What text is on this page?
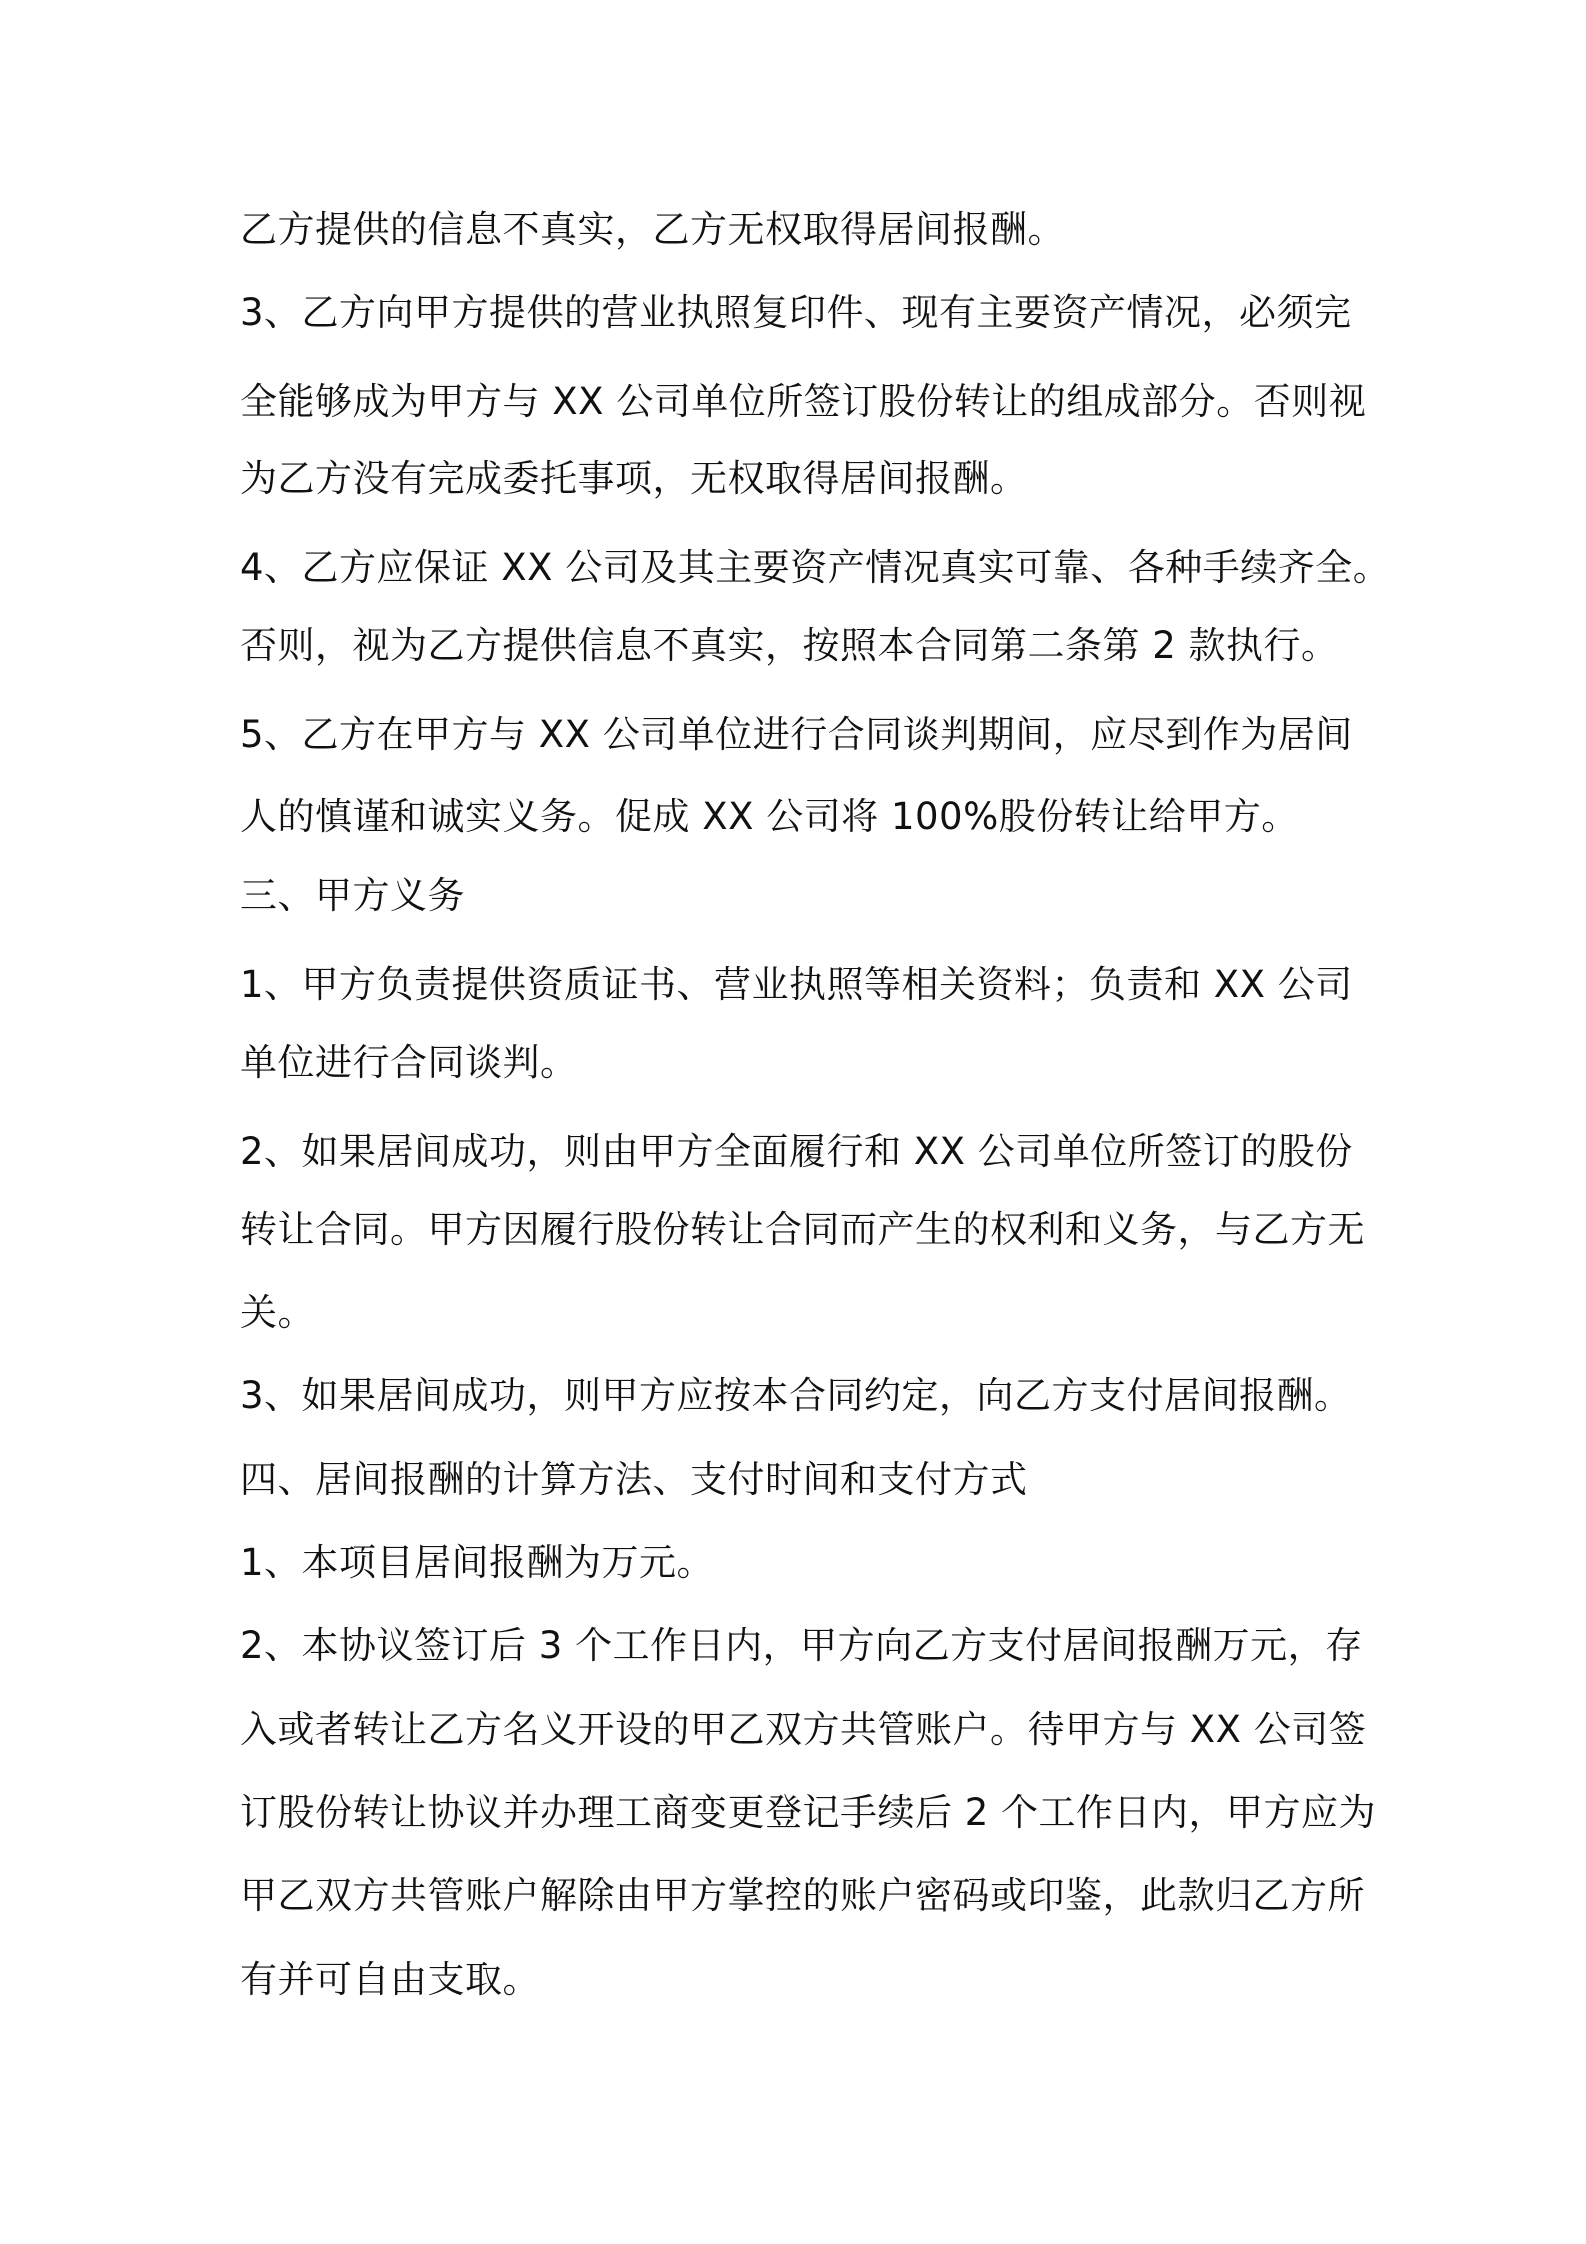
乙方提供的信息不真实，乙方无权取得居间报酬。
3、乙方向甲方提供的营业执照复印件、现有主要资产情况，必须完
全能够成为甲方与 XX 公司单位所签订股份转让的组成部分。否则视
为乙方没有完成委托事项，无权取得居间报酬。
4、乙方应保证 XX 公司及其主要资产情况真实可靠、各种手续齐全。
否则，视为乙方提供信息不真实，按照本合同第二条第 2 款执行。
5、乙方在甲方与 XX 公司单位进行合同谈判期间，应尽到作为居间
人的慎谨和诚实义务。促成 XX 公司将 100%股份转让给甲方。
三、甲方义务
1、甲方负责提供资质证书、营业执照等相关资料；负责和 XX 公司
单位进行合同谈判。
2、如果居间成功，则由甲方全面履行和 XX 公司单位所签订的股份
转让合同。甲方因履行股份转让合同而产生的权利和义务，与乙方无
关。
3、如果居间成功，则甲方应按本合同约定，向乙方支付居间报酬。
四、居间报酬的计算方法、支付时间和支付方式
1、本项目居间报酬为万元。
2、本协议签订后 3 个工作日内，甲方向乙方支付居间报酬万元，存
入或者转让乙方名义开设的甲乙双方共管账户。待甲方与 XX 公司签
订股份转让协议并办理工商变更登记手续后 2 个工作日内，甲方应为
甲乙双方共管账户解除由甲方掌控的账户密码或印鉴，此款归乙方所
有并可自由支取。
